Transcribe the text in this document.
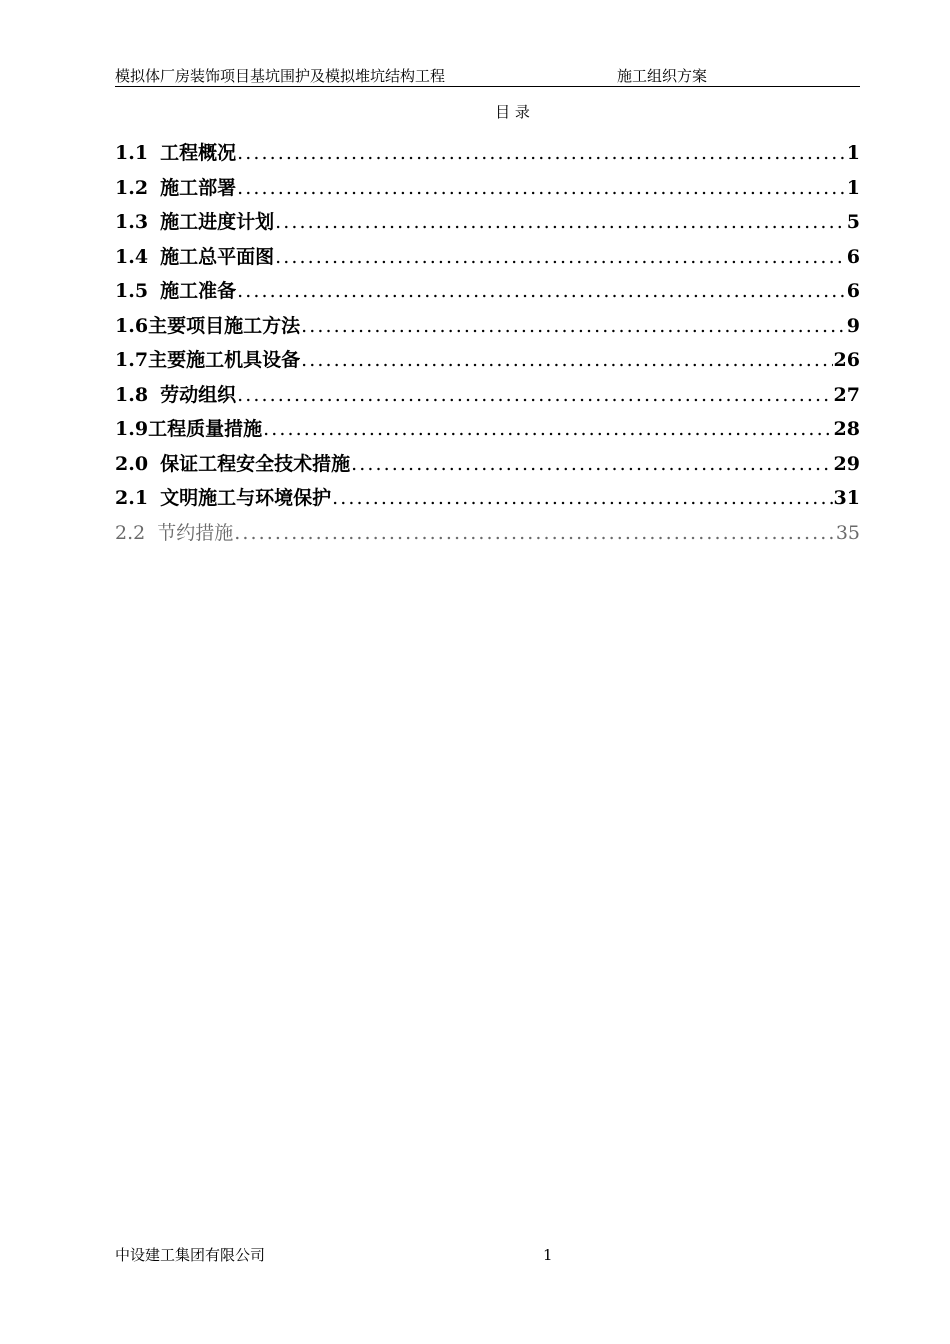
模拟体厂房装饰项目基坑围护及模拟堆坑结构工程	施工组织方案
目 录
1.1 工程概况 .....	1
1.2 施工部署 .....	1
1.3 施工进度计划 .....	5
1.4 施工总平面图 .....	6
1.5 施工准备 .....	6
1.6 主要项目施工方法 .....	9
1.7 主要施工机具设备 .....	26
1.8 劳动组织 .....	27
1.9 工程质量措施 .....	28
2.0 保证工程安全技术措施 .....	29
2.1 文明施工与环境保护 .....	31
2.2 节约措施 .....	35
中设建工集团有限公司	1
